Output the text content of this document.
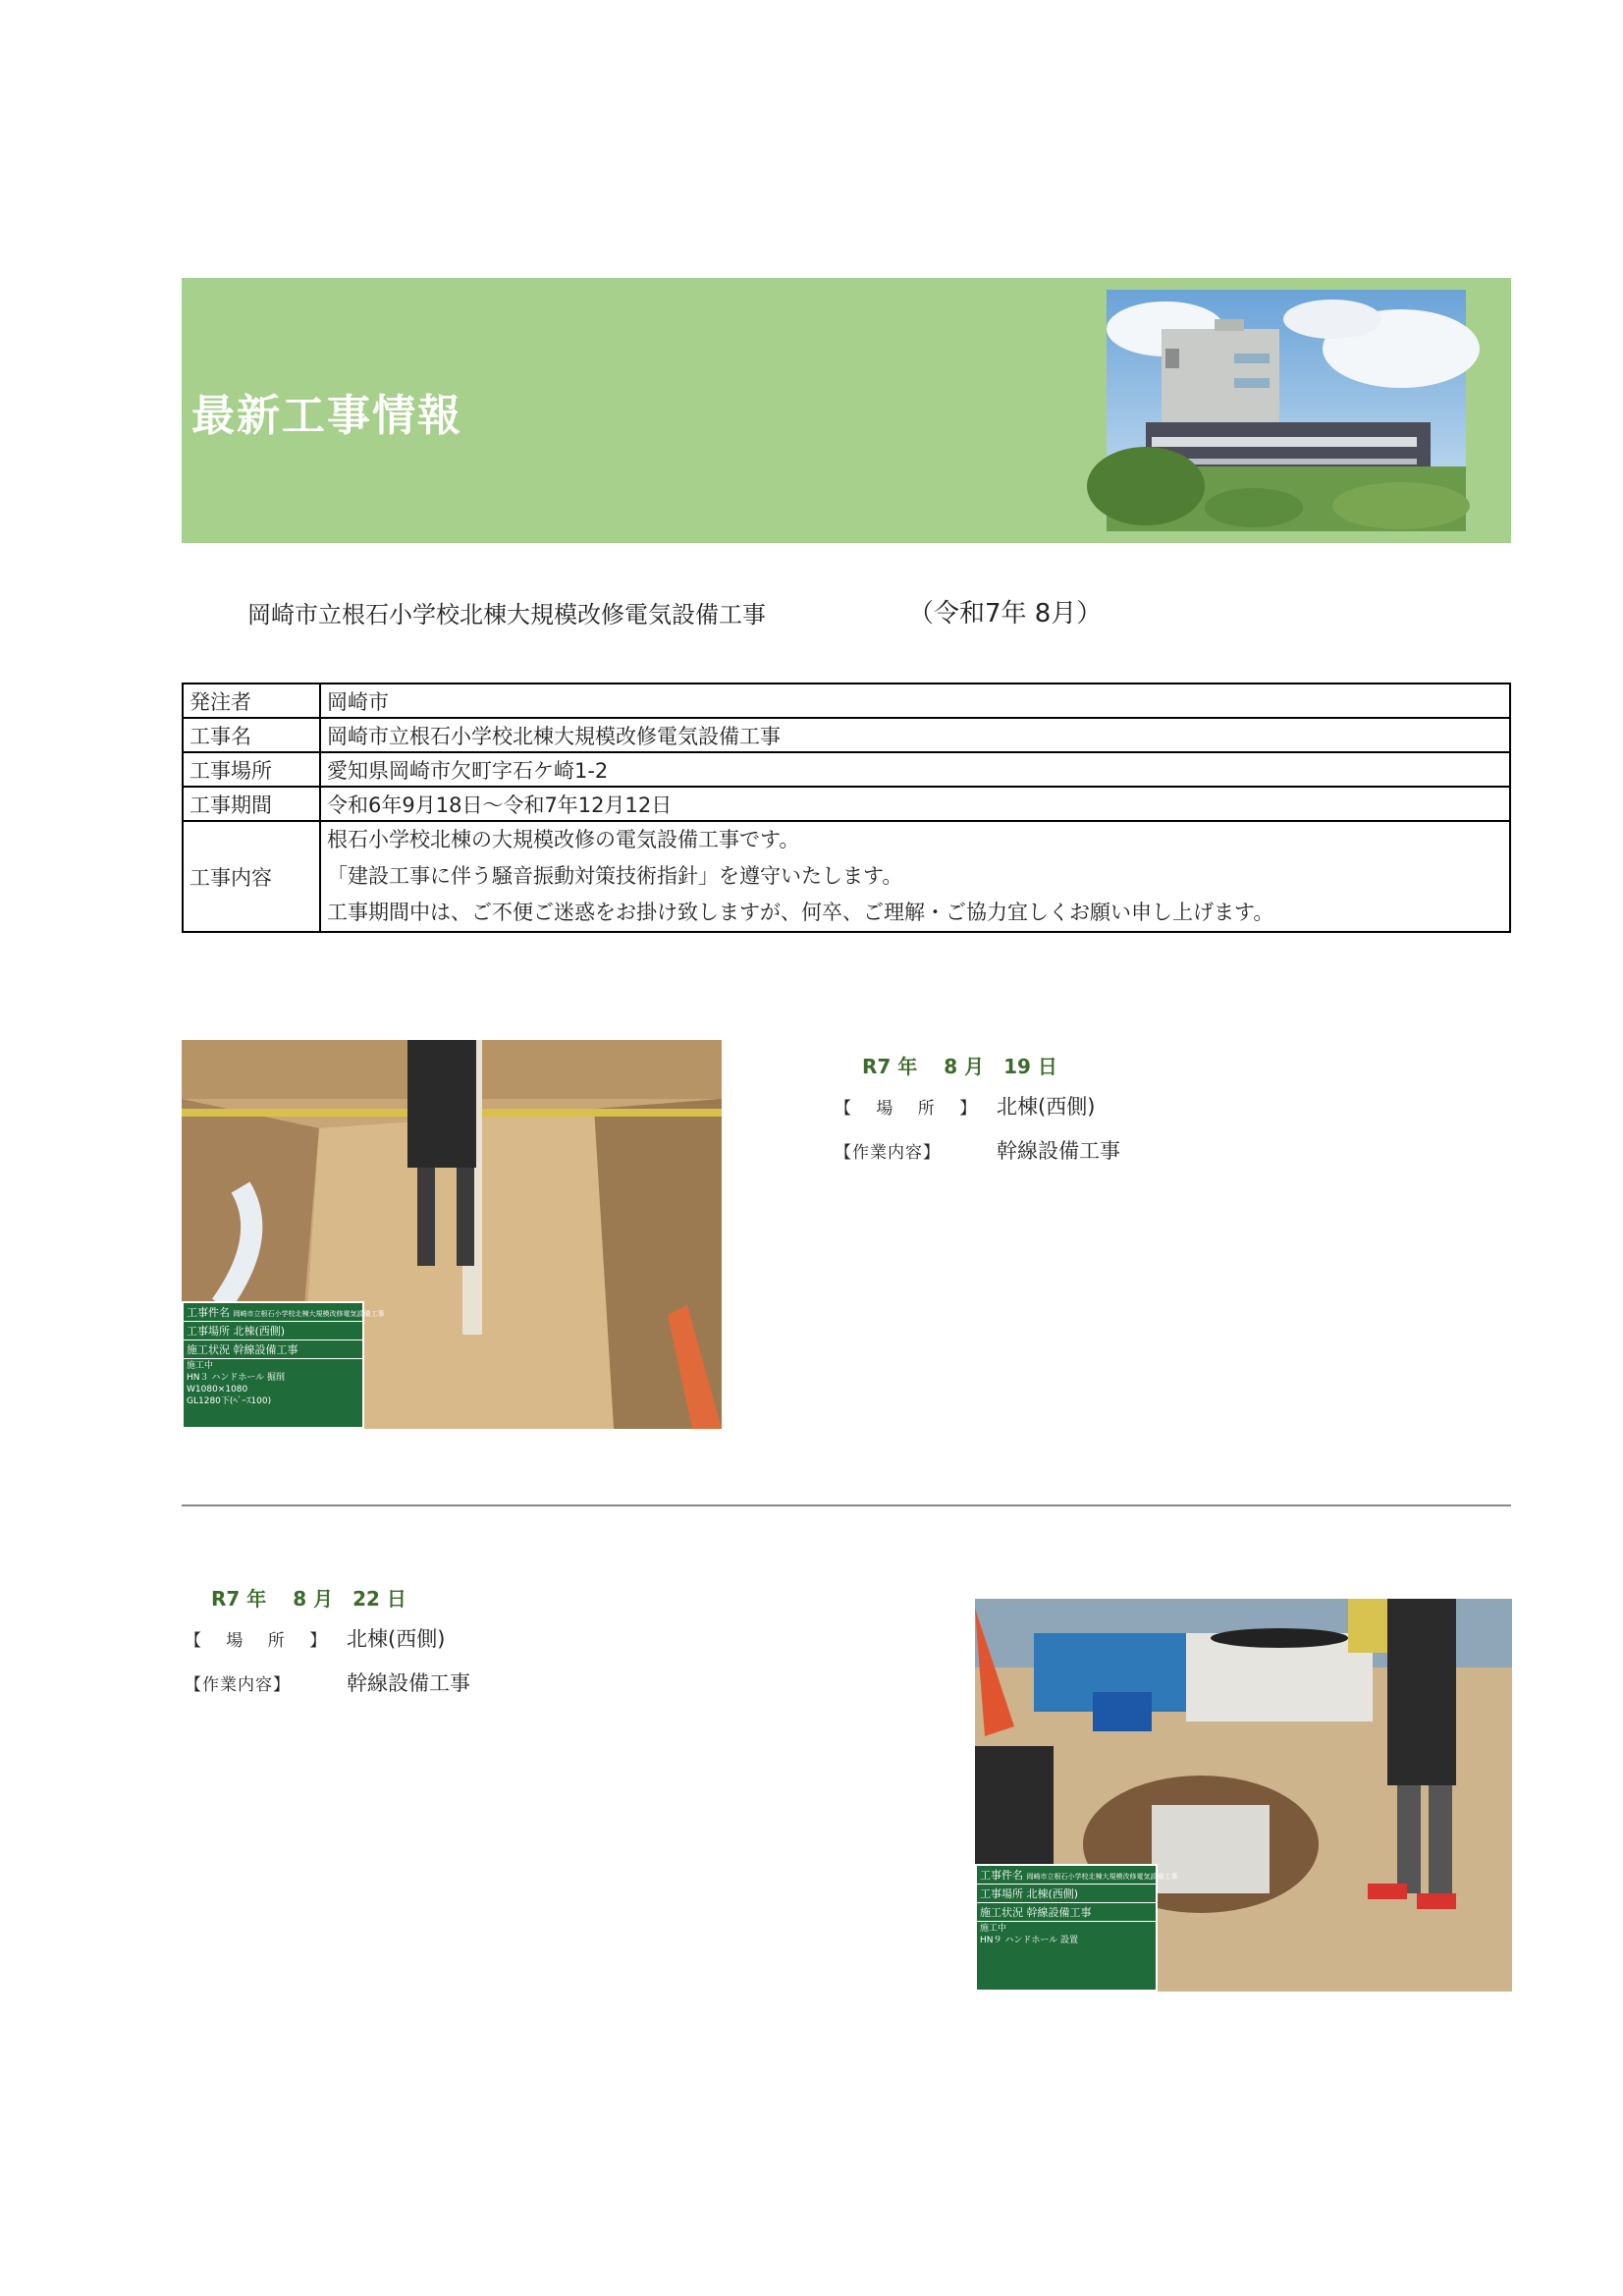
最新工事情報
岡崎市立根石小学校北棟大規模改修電気設備工事	（令和7年 8月）
発注者	岡崎市
工事名	岡崎市立根石小学校北棟大規模改修電気設備工事
工事場所	愛知県岡崎市欠町字石ケ崎1-2
工事期間	令和6年9月18日～令和7年12月12日
工事内容	根石小学校北棟の大規模改修の電気設備工事です。
「建設工事に伴う騒音振動対策技術指針」を遵守いたします。
工事期間中は、ご不便ご迷惑をお掛け致しますが、何卒、ご理解・ご協力宜しくお願い申し上げます。
工事件名 岡崎市立根石小学校北棟大規模改修電気設備工事
工事場所 北棟(西側)
施工状況 幹線設備工事
施工中
HN３ ハンドホール 掘削
W1080×1080
GL1280下(ﾍﾞｰｽ100)
R7 年　 8 月　19 日
【 場 所 】 北棟(西側)
【作業内容】	幹線設備工事
R7 年　 8 月　22 日
【 場 所 】 北棟(西側)
【作業内容】	幹線設備工事
工事件名 岡崎市立根石小学校北棟大規模改修電気設備工事
工事場所 北棟(西側)
施工状況 幹線設備工事
施工中
HN９ ハンドホール 設置
